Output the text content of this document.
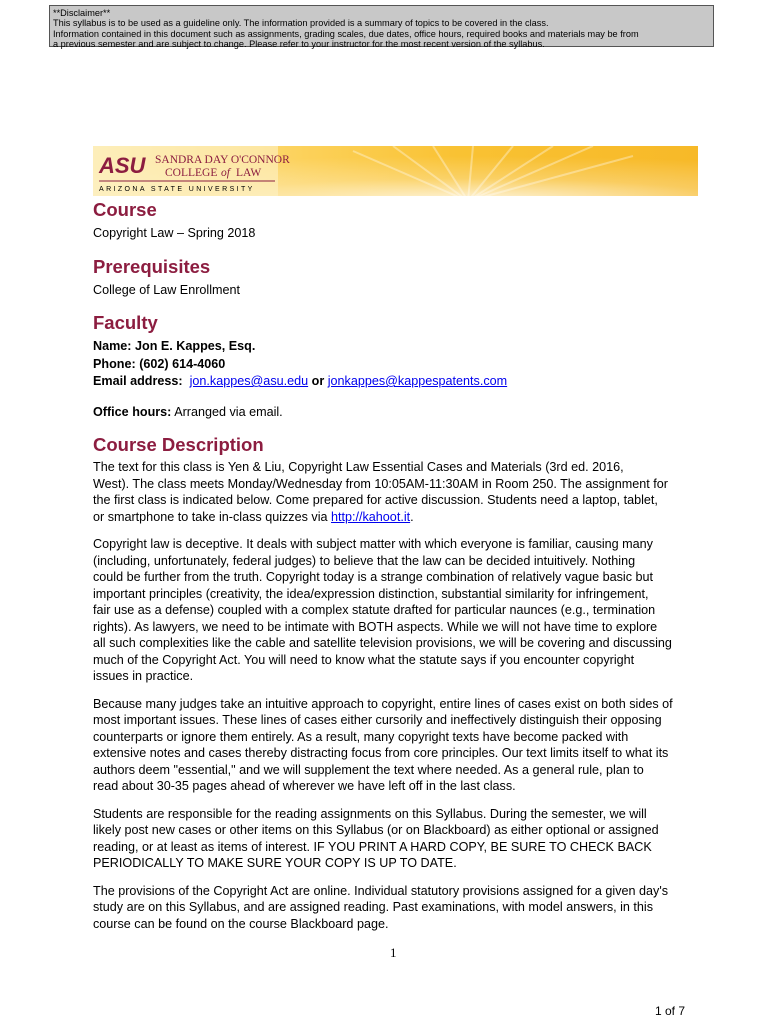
**Disclaimer**
This syllabus is to be used as a guideline only. The information provided is a summary of topics to be covered in the class.
Information contained in this document such as assignments, grading scales, due dates, office hours, required books and materials may be from
a previous semester and are subject to change. Please refer to your instructor for the most recent version of the syllabus.
ASU SANDRA DAY O'CONNOR
COLLEGE of LAW
ARIZONA STATE UNIVERSITY
Course

Copyright Law – Spring 2018

Prerequisites

College of Law Enrollment

Faculty

Name: Jon E. Kappes, Esq.

Phone: (602) 614-4060

Email address: jon.kappes@asu.edu or jonkappes@kappespatents.com

Office hours: Arranged via email.

Course Description

The text for this class is Yen & Liu, Copyright Law Essential Cases and Materials (3rd ed. 2016,

West). The class meets Monday/Wednesday from 10:05AM-11:30AM in Room 250. The assignment for

the first class is indicated below. Come prepared for active discussion. Students need a laptop, tablet,

or smartphone to take in-class quizzes via http://kahoot.it.

Copyright law is deceptive. It deals with subject matter with which everyone is familiar, causing many

(including, unfortunately, federal judges) to believe that the law can be decided intuitively. Nothing

could be further from the truth. Copyright today is a strange combination of relatively vague basic but

important principles (creativity, the idea/expression distinction, substantial similarity for infringement,

fair use as a defense) coupled with a complex statute drafted for particular naunces (e.g., termination

rights). As lawyers, we need to be intimate with BOTH aspects. While we will not have time to explore

all such complexities like the cable and satellite television provisions, we will be covering and discussing

much of the Copyright Act. You will need to know what the statute says if you encounter copyright

issues in practice.

Because many judges take an intuitive approach to copyright, entire lines of cases exist on both sides of

most important issues. These lines of cases either cursorily and ineffectively distinguish their opposing

counterparts or ignore them entirely. As a result, many copyright texts have become packed with

extensive notes and cases thereby distracting focus from core principles. Our text limits itself to what its

authors deem "essential," and we will supplement the text where needed. As a general rule, plan to

read about 30-35 pages ahead of wherever we have left off in the last class.

Students are responsible for the reading assignments on this Syllabus. During the semester, we will

likely post new cases or other items on this Syllabus (or on Blackboard) as either optional or assigned

reading, or at least as items of interest. IF YOU PRINT A HARD COPY, BE SURE TO CHECK BACK

PERIODICALLY TO MAKE SURE YOUR COPY IS UP TO DATE.

The provisions of the Copyright Act are online. Individual statutory provisions assigned for a given day's

study are on this Syllabus, and are assigned reading. Past examinations, with model answers, in this

course can be found on the course Blackboard page.

1
1 of 7
